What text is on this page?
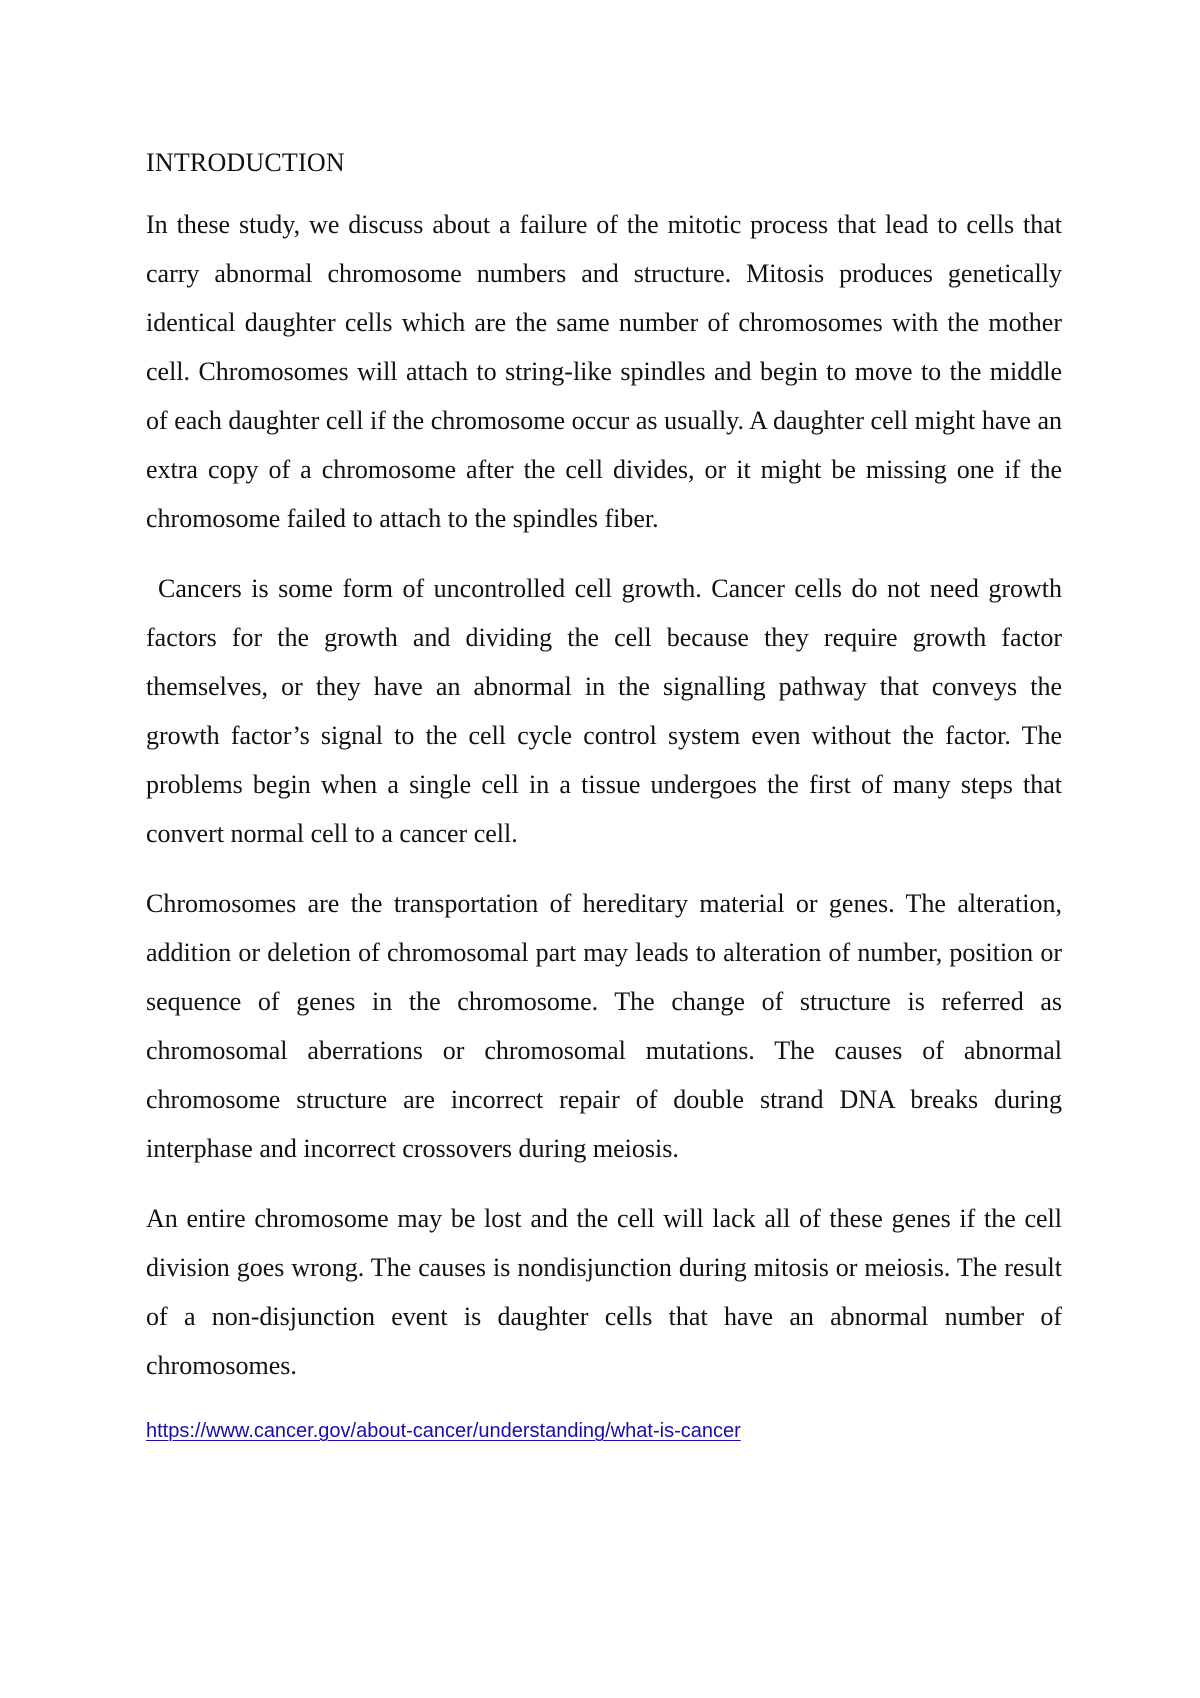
INTRODUCTION

In these study, we discuss about a failure of the mitotic process that lead to cells that carry abnormal chromosome numbers and structure. Mitosis produces genetically identical daughter cells which are the same number of chromosomes with the mother cell. Chromosomes will attach to string-like spindles and begin to move to the middle of each daughter cell if the chromosome occur as usually. A daughter cell might have an extra copy of a chromosome after the cell divides, or it might be missing one if the chromosome failed to attach to the spindles fiber.

Cancers is some form of uncontrolled cell growth. Cancer cells do not need growth factors for the growth and dividing the cell because they require growth factor themselves, or they have an abnormal in the signalling pathway that conveys the growth factor’s signal to the cell cycle control system even without the factor. The problems begin when a single cell in a tissue undergoes the first of many steps that convert normal cell to a cancer cell.

Chromosomes are the transportation of hereditary material or genes. The alteration, addition or deletion of chromosomal part may leads to alteration of number, position or sequence of genes in the chromosome. The change of structure is referred as chromosomal aberrations or chromosomal mutations. The causes of abnormal chromosome structure are incorrect repair of double strand DNA breaks during interphase and incorrect crossovers during meiosis.

An entire chromosome may be lost and the cell will lack all of these genes if the cell division goes wrong. The causes is nondisjunction during mitosis or meiosis. The result of a non-disjunction event is daughter cells that have an abnormal number of chromosomes.

https://www.cancer.gov/about-cancer/understanding/what-is-cancer
